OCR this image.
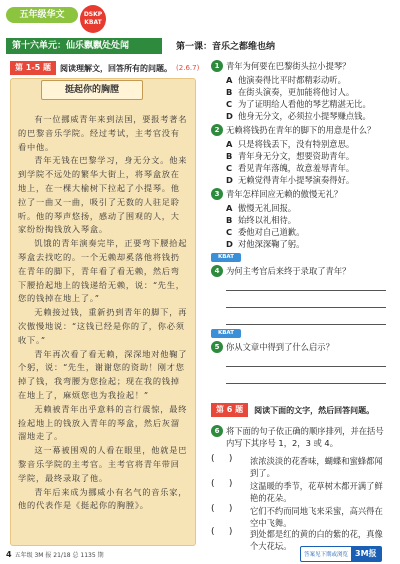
五年级华文	DSKP
KBAT
第十六单元：仙乐飘飘处处闻	第一课：音乐之都维也纳
第 1-5 题	阅读理解文，回答所有的问题。 (2.6.7)
挺起你的胸膛

有一位挪威青年来到法国，要报考著名的巴黎音乐学院。经过考试，主考官没有看中他。

青年无钱在巴黎学习，身无分文。他来到学院不远处的繁华大街上，将琴盒放在地上，在一棵大榆树下拉起了小提琴。他拉了一曲又一曲，吸引了无数的人驻足聆听。他的琴声悠扬，感动了围观的人，大家纷纷掏钱放入琴盒。

饥饿的青年演奏完毕，正要弯下腰拾起琴盒去找吃的。一个无赖却奚落他将钱扔在青年的脚下，青年看了看无赖，然后弯下腰拾起地上的钱递给无赖，说：“先生，您的钱掉在地上了。”

无赖接过钱，重新扔到青年的脚下，再次傲慢地说：“这钱已经是你的了，你必须收下。”

青年再次看了看无赖，深深地对他鞠了个躬，说：“先生，谢谢您的资助！刚才您掉了钱，我弯腰为您捡起；现在我的钱掉在地上了，麻烦您也为我捡起！”

无赖被青年出乎意料的言行震惊，最终捡起地上的钱放入青年的琴盒，然后灰溜溜地走了。

这一幕被围观的人看在眼里，他就是巴黎音乐学院的主考官。主考官将青年带回学院，最终录取了他。

青年后来成为挪威小有名气的音乐家，他的代表作是《挺起你的胸膛》。

1 青年为何要在巴黎街头拉小提琴？
A 他演奏得比平时都精彩动听。
B 在街头演奏，更加能将他讨人。
C 为了证明给人看他的琴艺精湛无比。
D 他身无分文，必须拉小提琴赚点钱。
2 无赖将钱扔在青年的脚下的用意是什么？
A 只是将钱丢下，没有特别意思。
B 青年身无分文，想要资助青年。
C 看见青年落魄，故意羞辱青年。
D 无赖觉得青年小提琴演奏得好。
3 青年怎样回应无赖的傲慢无礼？
A 傲慢无礼回报。
B 始终以礼相待。
C 委他对自己道歉。
D 对他深深鞠了躬。
KBAT
4 为何主考官后来终于录取了青年？
KBAT
5 你从文章中得到了什么启示？
第 6 题	阅读下面的文字，然后回答问题。
6 将下面的句子依正确的顺序排列，并在括号内写下其序号 1，2，3 或 4。
(     ) 浓浓淡淡的花香味，蝴蝶和蜜蜂都闻到了。
(     ) 这温暖的季节，花草树木都开满了鲜艳的花朵。
(     ) 它们不约而同地飞来采蜜，高兴得在空中飞舞。
(     ) 到处都是红的黄的白的紫的花，真像个大花坛。
4 五年级 3M 报 21/18 总 1135 期	答案见下期或浏览 3M报
